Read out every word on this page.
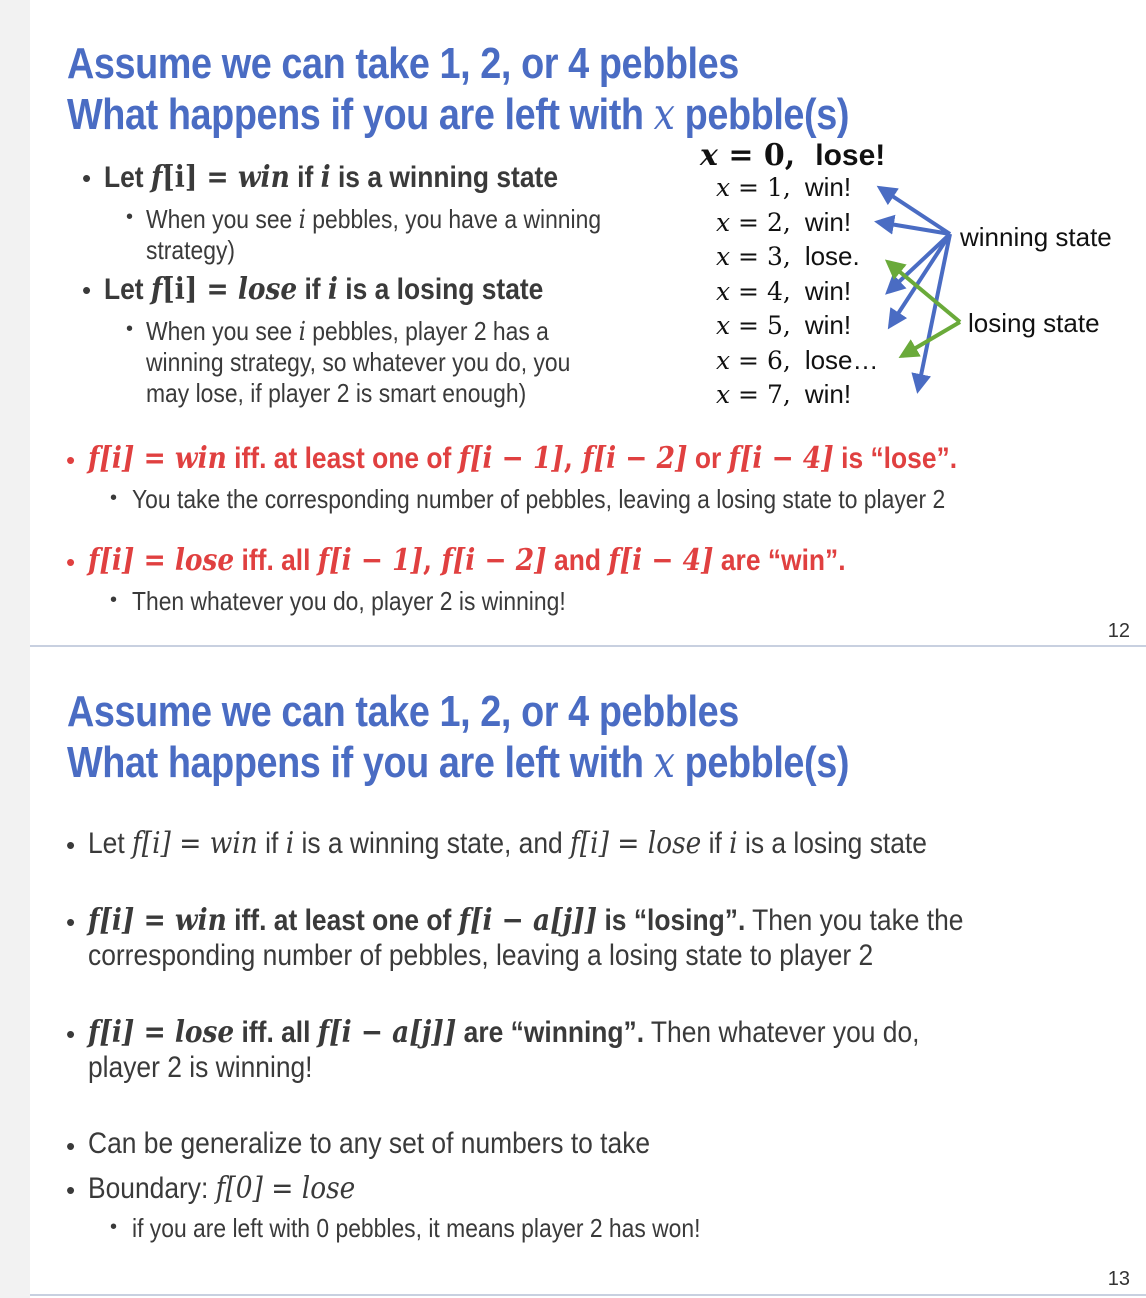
Assume we can take 1, 2, or 4 pebbles
What happens if you are left with x pebble(s)
• Let f[i] = win if i is a winning state
• When you see i pebbles, you have a winning
strategy)
• Let f[i] = lose if i is a losing state
• When you see i pebbles, player 2 has a
winning strategy, so whatever you do, you
may lose, if player 2 is smart enough)
x = 0, lose!
x = 1, win!
x = 2, win!
x = 3, lose.
x = 4, win!
x = 5, win!
x = 6, lose…
x = 7, win!
winning state
losing state
• f[i] = win iff. at least one of f[i − 1], f[i − 2] or f[i − 4] is “lose”.
• You take the corresponding number of pebbles, leaving a losing state to player 2
• f[i] = lose iff. all f[i − 1], f[i − 2] and f[i − 4] are “win”.
• Then whatever you do, player 2 is winning!
12
Assume we can take 1, 2, or 4 pebbles
What happens if you are left with x pebble(s)
• Let f[i] = win if i is a winning state, and f[i] = lose if i is a losing state
• f[i] = win iff. at least one of f[i − a[j]] is “losing”. Then you take the
corresponding number of pebbles, leaving a losing state to player 2
• f[i] = lose iff. all f[i − a[j]] are “winning”. Then whatever you do,
player 2 is winning!
• Can be generalize to any set of numbers to take
• Boundary: f[0] = lose
• if you are left with 0 pebbles, it means player 2 has won!
13
